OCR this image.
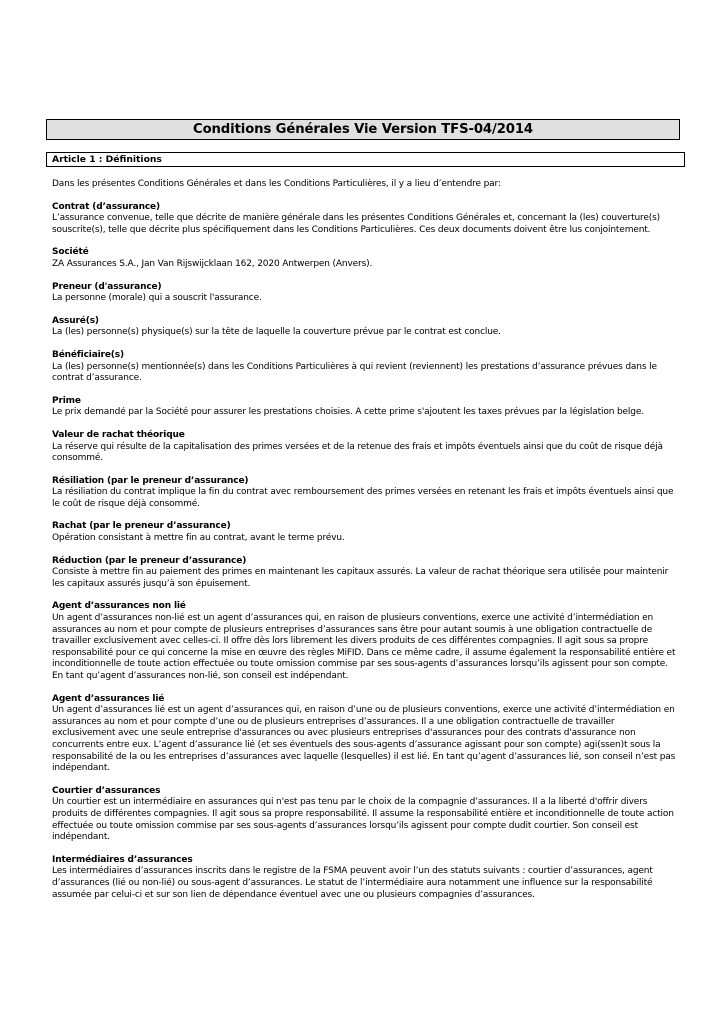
Conditions Générales Vie Version TFS-04/2014
Article 1 : Définitions

Dans les présentes Conditions Générales et dans les Conditions Particulières, il y a lieu d’entendre par:

Contrat (d’assurance)

L’assurance convenue, telle que décrite de manière générale dans les présentes Conditions Générales et, concernant la (les) couverture(s) souscrite(s), telle que décrite plus spécifiquement dans les Conditions Particulières. Ces deux documents doivent être lus conjointement.

Société

ZA Assurances S.A., Jan Van Rijswijcklaan 162, 2020 Antwerpen (Anvers).

Preneur (d'assurance)

La personne (morale) qui a souscrit l'assurance.

Assuré(s)

La (les) personne(s) physique(s) sur la tête de laquelle la couverture prévue par le contrat est conclue.

Bénéficiaire(s)

La (les) personne(s) mentionnée(s) dans les Conditions Particulières à qui revient (reviennent) les prestations d’assurance prévues dans le contrat d’assurance.

Prime

Le prix demandé par la Société pour assurer les prestations choisies. A cette prime s'ajoutent les taxes prévues par la législation belge.

Valeur de rachat théorique

La réserve qui résulte de la capitalisation des primes versées et de la retenue des frais et impôts éventuels ainsi que du coût de risque déjà consommé.

Résiliation (par le preneur d’assurance)

La résiliation du contrat implique la fin du contrat avec remboursement des primes versées en retenant les frais et impôts éventuels ainsi que le coût de risque déjà consommé.

Rachat (par le preneur d’assurance)

Opération consistant à mettre fin au contrat, avant le terme prévu.

Réduction (par le preneur d’assurance)

Consiste à mettre fin au paiement des primes en maintenant les capitaux assurés. La valeur de rachat théorique sera utilisée pour maintenir les capitaux assurés jusqu’à son épuisement.

Agent d’assurances non lié

Un agent d’assurances non-lié est un agent d’assurances qui, en raison de plusieurs conventions, exerce une activité d’intermédiation en assurances au nom et pour compte de plusieurs entreprises d’assurances sans être pour autant soumis à une obligation contractuelle de travailler exclusivement avec celles-ci. Il offre dès lors librement les divers produits de ces différentes compagnies. Il agit sous sa propre responsabilité pour ce qui concerne la mise en œuvre des règles MiFID. Dans ce même cadre, il assume également la responsabilité entière et inconditionnelle de toute action effectuée ou toute omission commise par ses sous-agents d’assurances lorsqu’ils agissent pour son compte. En tant qu’agent d’assurances non-lié, son conseil est indépendant.

Agent d’assurances lié

Un agent d’assurances lié est un agent d’assurances qui, en raison d’une ou de plusieurs conventions, exerce une activité d’intermédiation en assurances au nom et pour compte d’une ou de plusieurs entreprises d’assurances. Il a une obligation contractuelle de travailler exclusivement avec une seule entreprise d'assurances ou avec plusieurs entreprises d'assurances pour des contrats d'assurance non concurrents entre eux. L’agent d’assurance lié (et ses éventuels des sous-agents d’assurance agissant pour son compte) agi(ssen)t sous la responsabilité de la ou les entreprises d’assurances avec laquelle (lesquelles) il est lié. En tant qu’agent d’assurances lié, son conseil n’est pas indépendant.

Courtier d’assurances

Un courtier est un intermédiaire en assurances qui n'est pas tenu par le choix de la compagnie d’assurances. Il a la liberté d'offrir divers produits de différentes compagnies. Il agit sous sa propre responsabilité. Il assume la responsabilité entière et inconditionnelle de toute action effectuée ou toute omission commise par ses sous-agents d’assurances lorsqu’ils agissent pour compte dudit courtier. Son conseil est indépendant.

Intermédiaires d’assurances

Les intermédiaires d’assurances inscrits dans le registre de la FSMA peuvent avoir l’un des statuts suivants : courtier d’assurances, agent d’assurances (lié ou non-lié) ou sous-agent d’assurances. Le statut de l’intermédiaire aura notamment une influence sur la responsabilité assumée par celui-ci et sur son lien de dépendance éventuel avec une ou plusieurs compagnies d’assurances.
